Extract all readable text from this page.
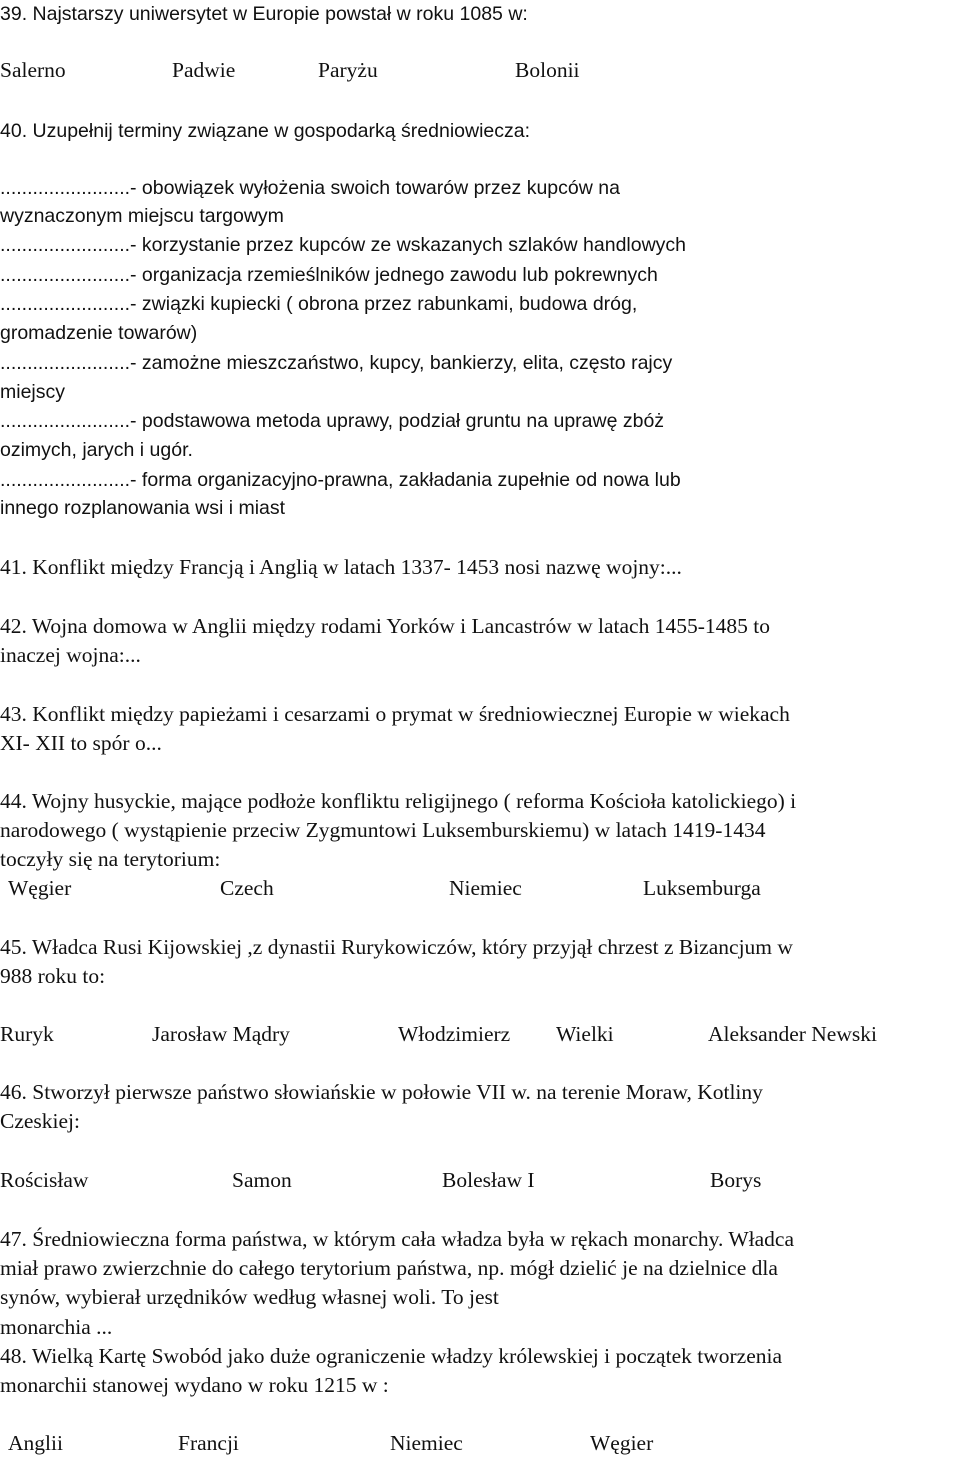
39. Najstarszy uniwersytet w Europie powstał w roku 1085 w:
Salerno	Padwie	Paryżu	Bolonii
40. Uzupełnij terminy związane w gospodarką średniowiecza:
........................- obowiązek wyłożenia swoich towarów przez kupców na
wyznaczonym miejscu targowym
........................- korzystanie przez kupców ze wskazanych szlaków handlowych
........................- organizacja rzemieślników jednego zawodu lub pokrewnych
........................- związki kupiecki ( obrona przez rabunkami, budowa dróg,
gromadzenie towarów)
........................- zamożne mieszczaństwo, kupcy, bankierzy, elita, często rajcy
miejscy
........................- podstawowa metoda uprawy, podział gruntu na uprawę zbóż
ozimych, jarych i ugór.
........................- forma organizacyjno-prawna, zakładania zupełnie od nowa lub
innego rozplanowania wsi i miast
41. Konflikt między Francją i Anglią w latach 1337- 1453 nosi nazwę wojny:...
42. Wojna domowa w Anglii między rodami Yorków i Lancastrów w latach 1455-1485 to
inaczej wojna:...
43. Konflikt między papieżami i cesarzami o prymat w średniowiecznej Europie w wiekach
XI- XII to spór o...
44. Wojny husyckie, mające podłoże konfliktu religijnego ( reforma Kościoła katolickiego) i
narodowego ( wystąpienie przeciw Zygmuntowi Luksemburskiemu) w latach 1419-1434
toczyły się na terytorium:
Węgier	Czech	Niemiec	Luksemburga
45. Władca Rusi Kijowskiej ,z dynastii Rurykowiczów, który przyjął chrzest z Bizancjum w
988 roku to:
Ruryk	Jarosław Mądry	Włodzimierz Wielki	Aleksander Newski
46. Stworzył pierwsze państwo słowiańskie w połowie VII w. na terenie Moraw, Kotliny
Czeskiej:
Rościsław	Samon	Bolesław I	Borys
47. Średniowieczna forma państwa, w którym cała władza była w rękach monarchy. Władca
miał prawo zwierzchnie do całego terytorium państwa, np. mógł dzielić je na dzielnice dla
synów, wybierał urzędników według własnej woli. To jest
monarchia ...
48. Wielką Kartę Swobód jako duże ograniczenie władzy królewskiej i początek tworzenia
monarchii stanowej wydano w roku 1215 w :
Anglii	Francji	Niemiec	Węgier
